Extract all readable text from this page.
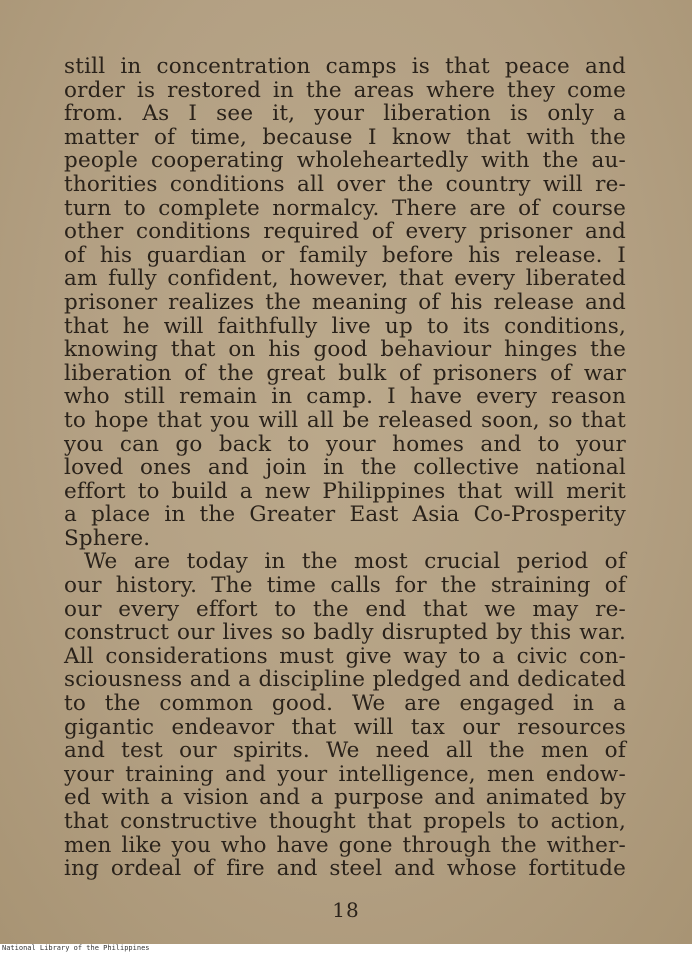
still in concentration camps is that peace and
order is restored in the areas where they come
from. As I see it, your liberation is only a
matter of time, because I know that with the
people cooperating wholeheartedly with the au-
thorities conditions all over the country will re-
turn to complete normalcy. There are of course
other conditions required of every prisoner and
of his guardian or family before his release. I
am fully confident, however, that every liberated
prisoner realizes the meaning of his release and
that he will faithfully live up to its conditions,
knowing that on his good behaviour hinges the
liberation of the great bulk of prisoners of war
who still remain in camp. I have every reason
to hope that you will all be released soon, so that
you can go back to your homes and to your
loved ones and join in the collective national
effort to build a new Philippines that will merit
a place in the Greater East Asia Co-Prosperity
Sphere.
We are today in the most crucial period of
our history. The time calls for the straining of
our every effort to the end that we may re-
construct our lives so badly disrupted by this war.
All considerations must give way to a civic con-
sciousness and a discipline pledged and dedicated
to the common good. We are engaged in a
gigantic endeavor that will tax our resources
and test our spirits. We need all the men of
your training and your intelligence, men endow-
ed with a vision and a purpose and animated by
that constructive thought that propels to action,
men like you who have gone through the wither-
ing ordeal of fire and steel and whose fortitude
18
National Library of the Philippines
